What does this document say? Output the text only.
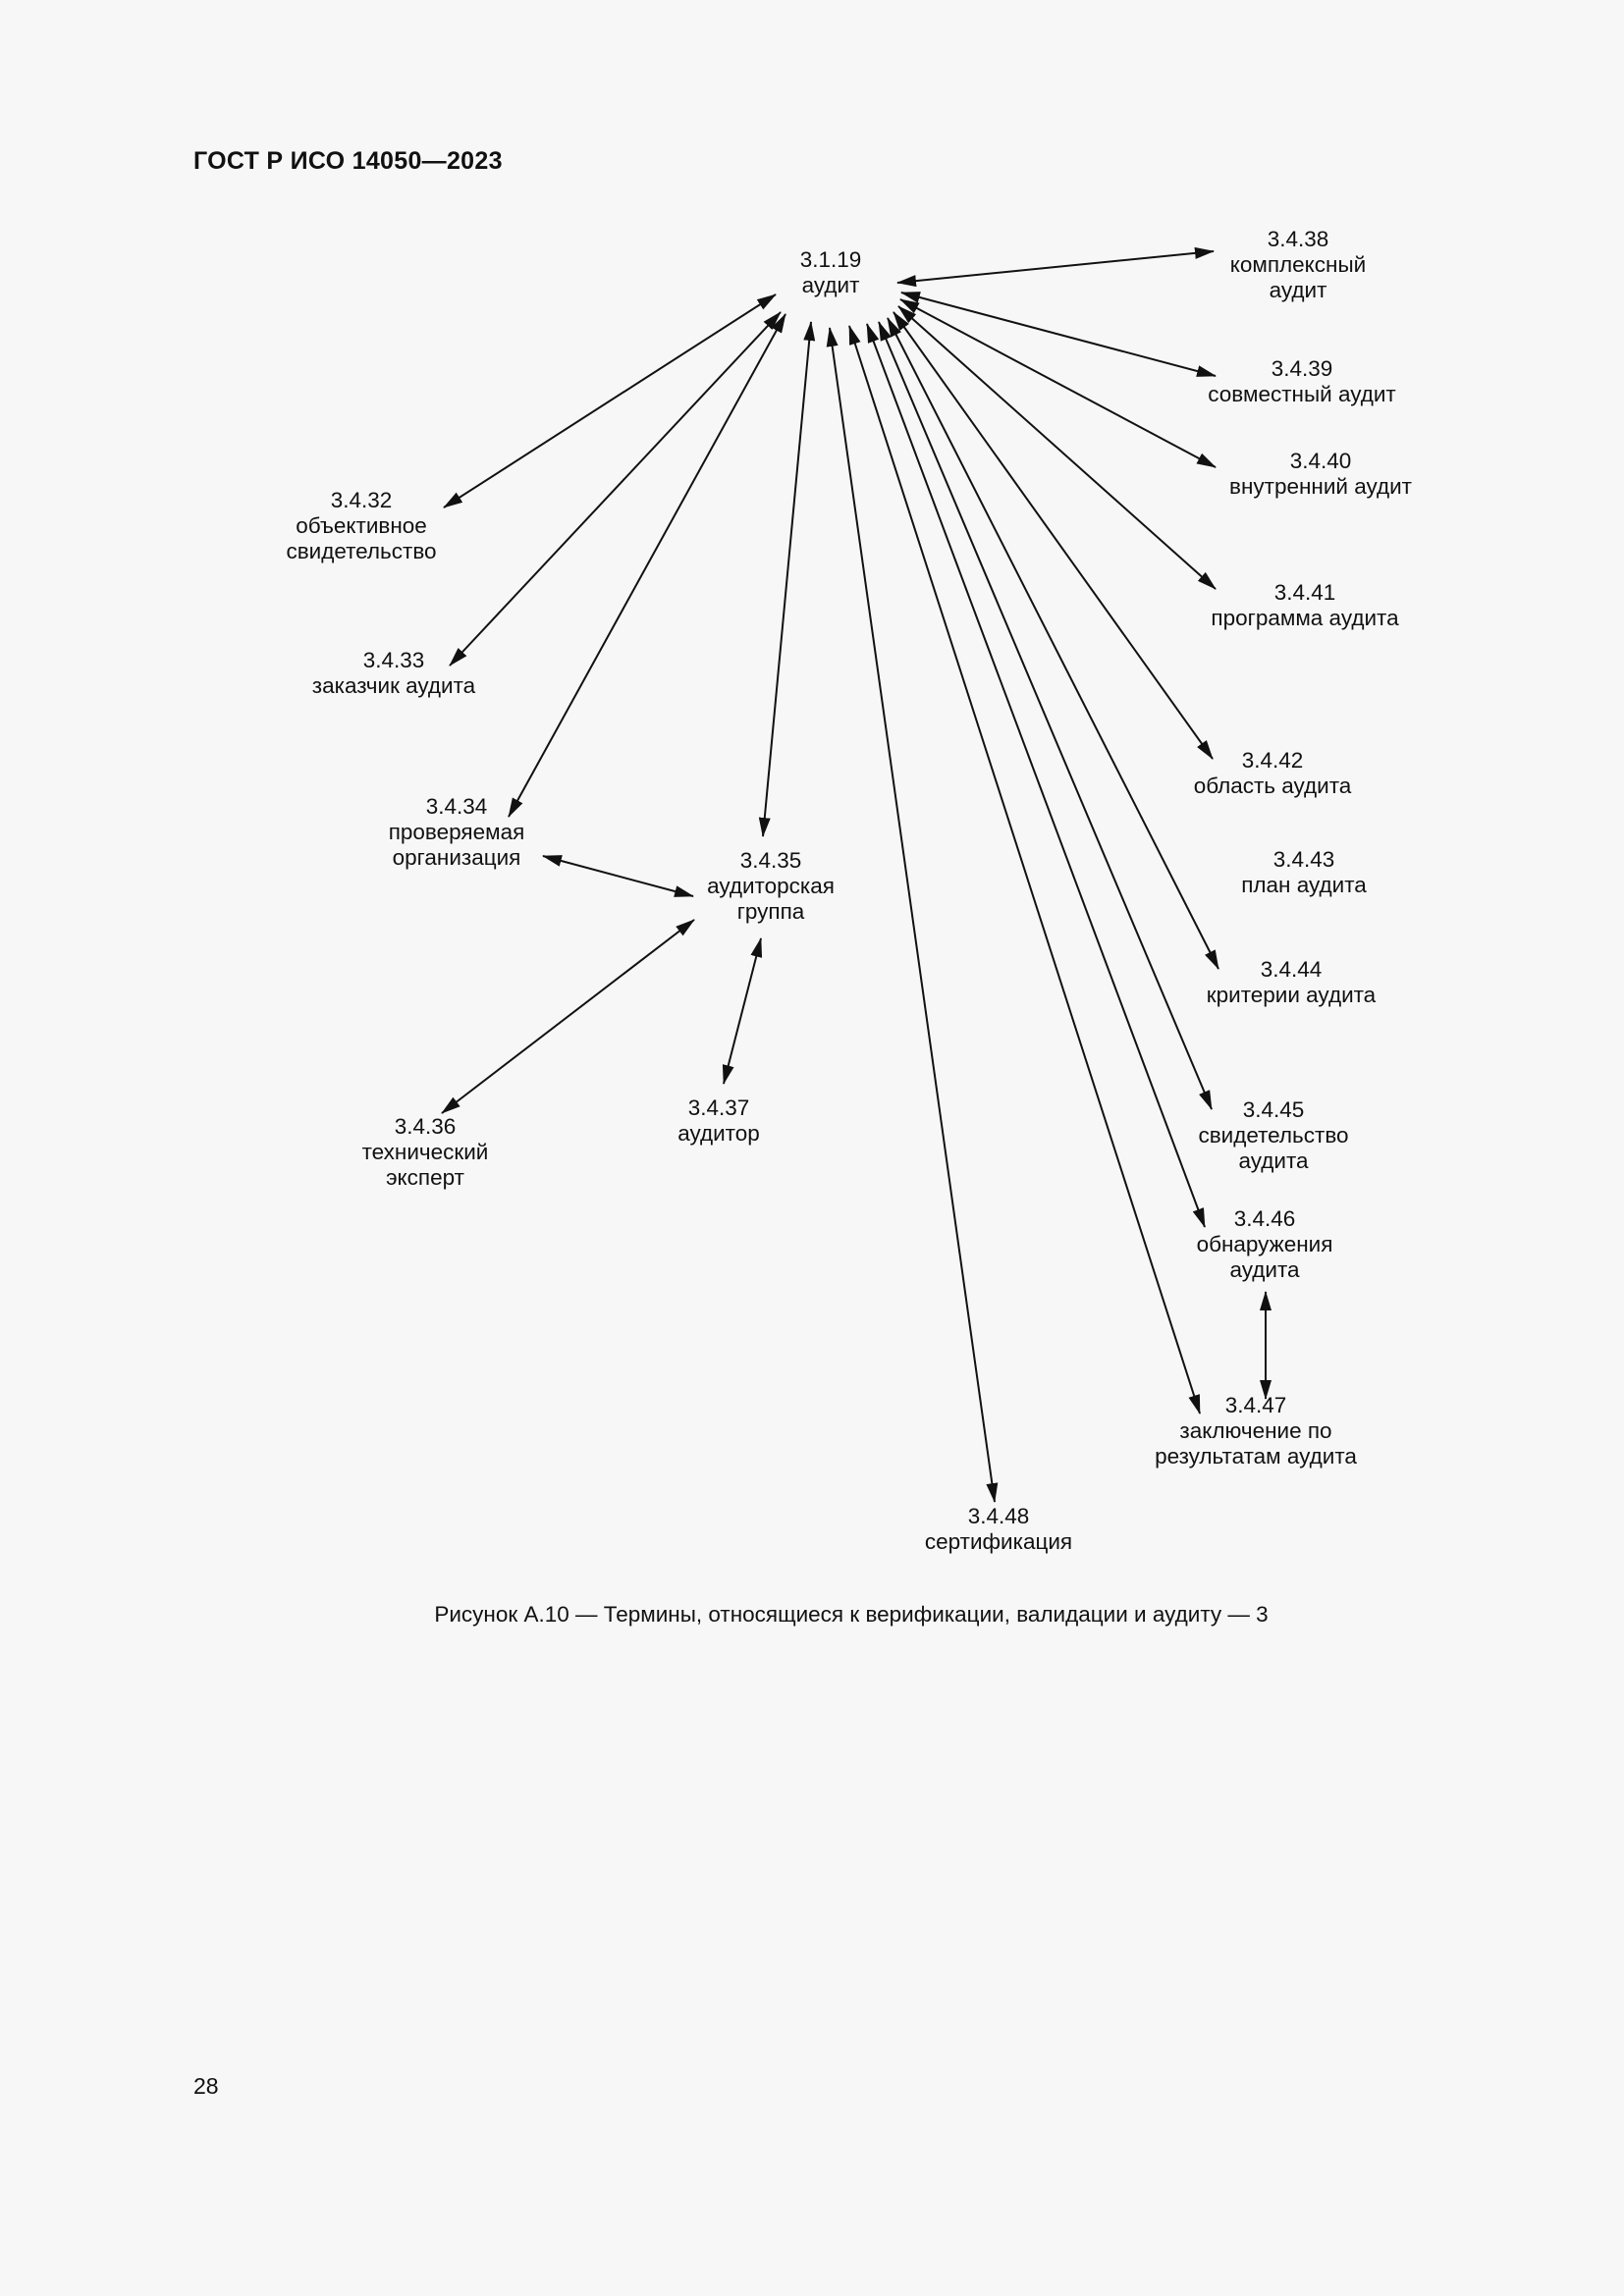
ГОСТ Р ИСО 14050—2023
3.1.19
аудит
3.4.32
объективное
свидетельство
3.4.33
заказчик аудита
3.4.34
проверяемая
организация	3.4.35
аудиторская
группа
3.4.36
технический
эксперт
3.4.37
аудитор
3.4.38
комплексный
аудит
3.4.39
совместный аудит
3.4.40
внутренний аудит
3.4.41
программа аудита
3.4.42
область аудита
3.4.43
план аудита
3.4.44
критерии аудита
3.4.45
свидетельство
аудита
3.4.46
обнаружения
аудита
3.4.47
заключение по
результатам аудита
3.4.48
сертификация
Рисунок А.10 — Термины, относящиеся к верификации, валидации и аудиту — 3
28
